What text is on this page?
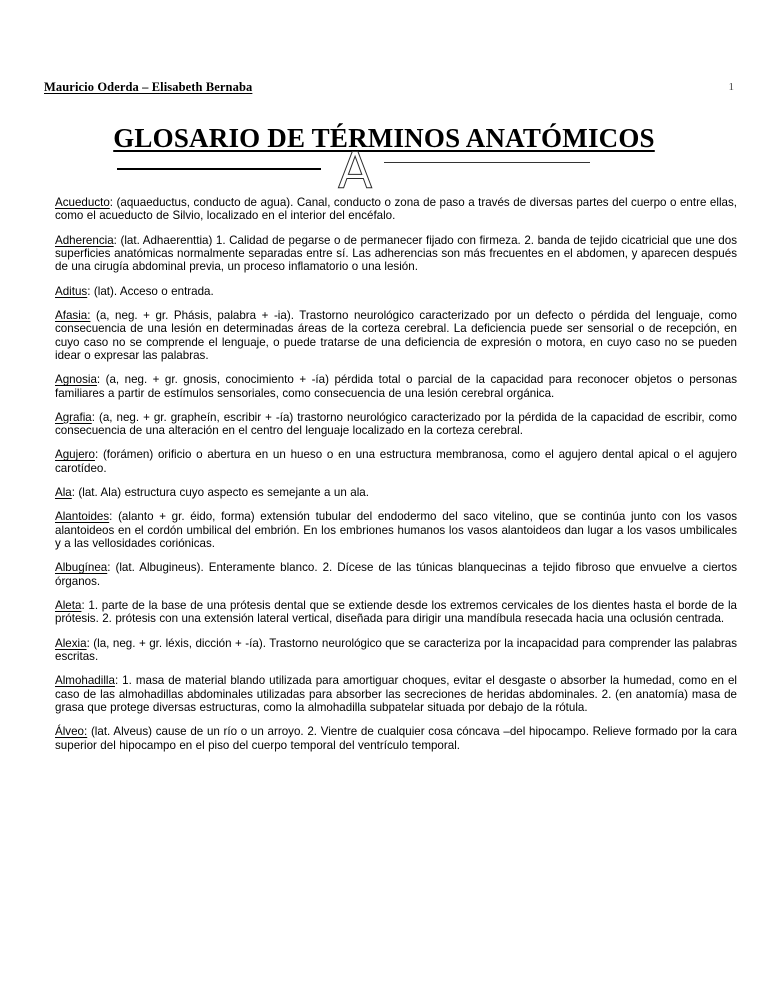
Mauricio Oderda – Elisabeth Bernaba	1
GLOSARIO DE TÉRMINOS ANATÓMICOS
A

Acueducto: (aquaeductus, conducto de agua). Canal, conducto o zona de paso a través de diversas partes del cuerpo o entre ellas, como el acueducto de Silvio, localizado en el interior del encéfalo.

Adherencia: (lat. Adhaerenttia) 1. Calidad de pegarse o de permanecer fijado con firmeza. 2. banda de tejido cicatricial que une dos superficies anatómicas normalmente separadas entre sí. Las adherencias son más frecuentes en el abdomen, y aparecen después de una cirugía abdominal previa, un proceso inflamatorio o una lesión.

Aditus: (lat). Acceso o entrada.

Afasia: (a, neg. + gr. Phásis, palabra + -ia). Trastorno neurológico caracterizado por un defecto o pérdida del lenguaje, como consecuencia de una lesión en determinadas áreas de la corteza cerebral. La deficiencia puede ser sensorial o de recepción, en cuyo caso no se comprende el lenguaje, o puede tratarse de una deficiencia de expresión o motora, en cuyo caso no se pueden idear o expresar las palabras.

Agnosia: (a, neg. + gr. gnosis, conocimiento + -ía) pérdida total o parcial de la capacidad para reconocer objetos o personas familiares a partir de estímulos sensoriales, como consecuencia de una lesión cerebral orgánica.

Agrafia: (a, neg. + gr. grapheín, escribir + -ía) trastorno neurológico caracterizado por la pérdida de la capacidad de escribir, como consecuencia de una alteración en el centro del lenguaje localizado en la corteza cerebral.

Agujero: (forámen) orificio o abertura en un hueso o en una estructura membranosa, como el agujero dental apical o el agujero carotídeo.

Ala: (lat. Ala) estructura cuyo aspecto es semejante a un ala.

Alantoides: (alanto + gr. éido, forma) extensión tubular del endodermo del saco vitelino, que se continúa junto con los vasos alantoideos en el cordón umbilical del embrión. En los embriones humanos los vasos alantoideos dan lugar a los vasos umbilicales y a las vellosidades coriónicas.

Albugínea: (lat. Albugineus). Enteramente blanco. 2. Dícese de las túnicas blanquecinas a tejido fibroso que envuelve a ciertos órganos.

Aleta: 1. parte de la base de una prótesis dental que se extiende desde los extremos cervicales de los dientes hasta el borde de la prótesis. 2. prótesis con una extensión lateral vertical, diseñada para dirigir una mandíbula resecada hacia una oclusión centrada.

Alexia: (la, neg. + gr. léxis, dicción + -ía). Trastorno neurológico que se caracteriza por la incapacidad para comprender las palabras escritas.

Almohadilla: 1. masa de material blando utilizada para amortiguar choques, evitar el desgaste o absorber la humedad, como en el caso de las almohadillas abdominales utilizadas para absorber las secreciones de heridas abdominales. 2. (en anatomía) masa de grasa que protege diversas estructuras, como la almohadilla subpatelar situada por debajo de la rótula.

Álveo: (lat. Alveus) cause de un río o un arroyo. 2. Vientre de cualquier cosa cóncava –del hipocampo. Relieve formado por la cara superior del hipocampo en el piso del cuerpo temporal del ventrículo temporal.
